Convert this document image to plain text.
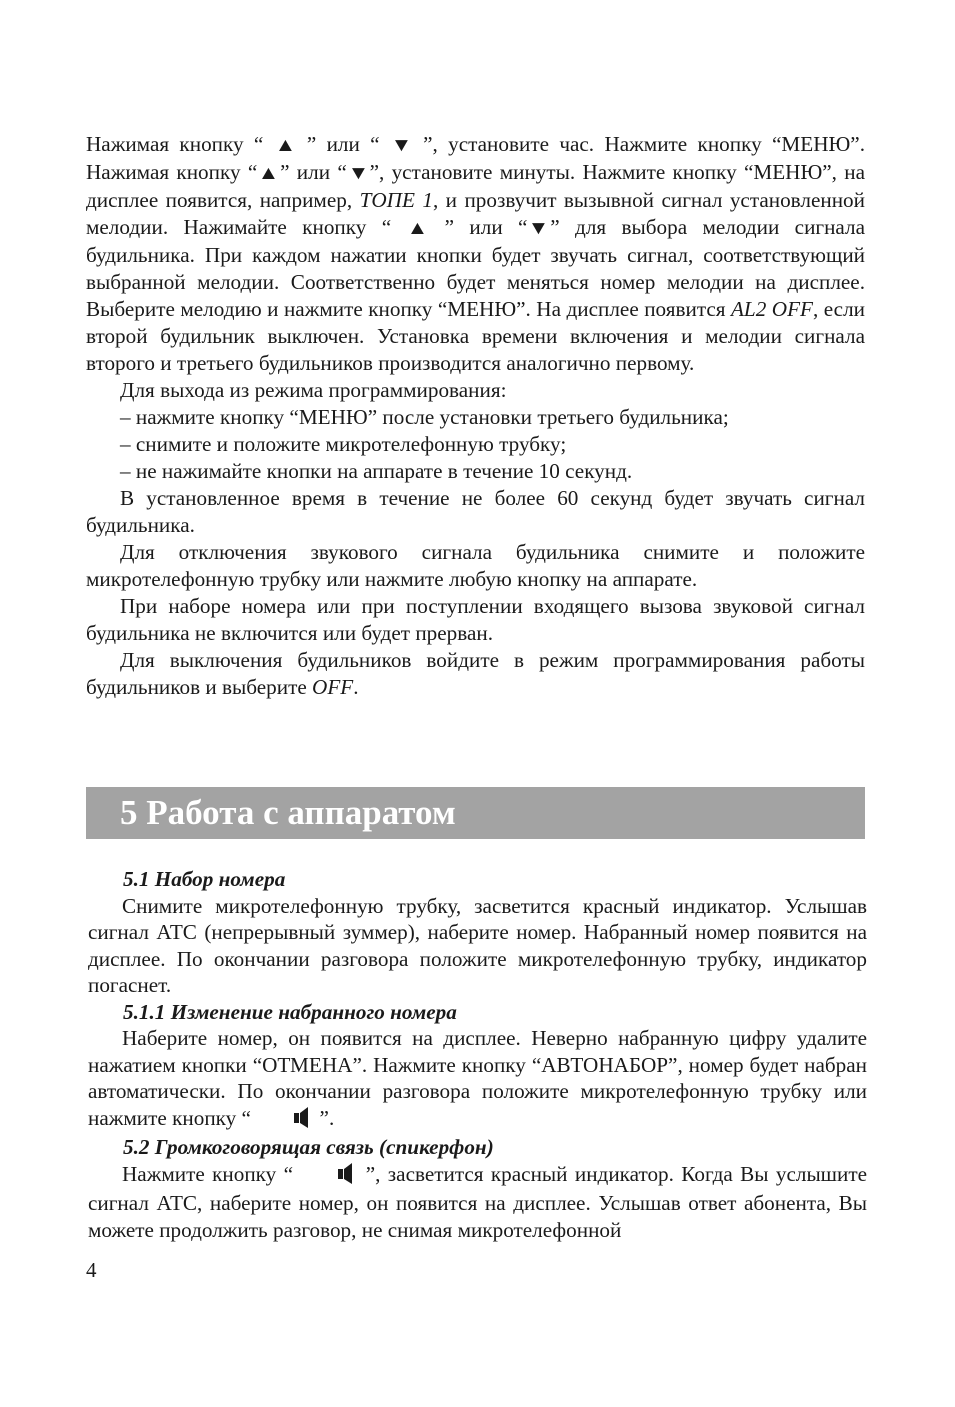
Нажимая кнопку “ ▲ ” или “ ▼ ”, установите час. Нажмите кнопку “МЕНЮ”. Нажимая кнопку “▲” или “▼”, установите минуты. Нажмите кнопку “МЕНЮ”, на дисплее появится, например, ТОПЕ 1, и прозвучит вызывной сигнал установленной мелодии. Нажимайте кнопку “ ▲ ” или “▼” для выбора мелодии сигнала будильника. При каждом нажатии кнопки будет звучать сигнал, соответствующий выбранной мелодии. Соответственно будет меняться номер мелодии на дисплее. Выберите мелодию и нажмите кнопку “МЕНЮ”. На дисплее появится AL2 OFF, если второй будильник выключен. Установка времени включения и мелодии сигнала второго и третьего будильников производится аналогично первому.

Для выхода из режима программирования:

– нажмите кнопку “МЕНЮ” после установки третьего будильника;

– снимите и положите микротелефонную трубку;

– не нажимайте кнопки на аппарате в течение 10 секунд.

В установленное время в течение не более 60 секунд будет звучать сигнал будильника.

Для отключения звукового сигнала будильника снимите и положите микротелефонную трубку или нажмите любую кнопку на аппарате.

При наборе номера или при поступлении входящего вызова звуковой сигнал будильника не включится или будет прерван.

Для выключения будильников войдите в режим программирования работы будильников и выберите OFF.

5 Работа с аппаратом

5.1 Набор номера

Снимите микротелефонную трубку, засветится красный индикатор. Услышав сигнал АТС (непрерывный зуммер), наберите номер. Набранный номер появится на дисплее. По окончании разговора положите микротелефонную трубку, индикатор погаснет.

5.1.1 Изменение набранного номера

Наберите номер, он появится на дисплее. Неверно набранную цифру удалите нажатием кнопки “ОТМЕНА”. Нажмите кнопку “АВТОНАБОР”, номер будет набран автоматически. По окончании разговора положите микротелефонную трубку или нажмите кнопку “	”.

5.2 Громкоговорящая связь (спикерфон)

Нажмите кнопку “	”, засветится красный индикатор. Когда Вы услышите сигнал АТС, наберите номер, он появится на дисплее. Услышав ответ абонента, Вы можете продолжить разговор, не снимая микротелефонной

4
